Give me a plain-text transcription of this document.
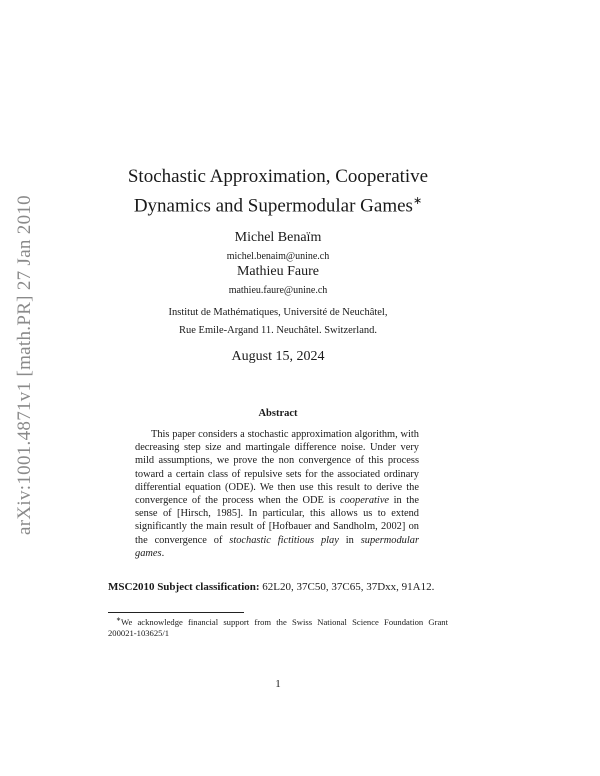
arXiv:1001.4871v1 [math.PR] 27 Jan 2010
Stochastic Approximation, Cooperative
Dynamics and Supermodular Games∗
Michel Benaïm
michel.benaim@unine.ch
Mathieu Faure
mathieu.faure@unine.ch
Institut de Mathématiques, Université de Neuchâtel,
Rue Emile-Argand 11. Neuchâtel. Switzerland.
August 15, 2024
Abstract
This paper considers a stochastic approximation algorithm, with decreasing step size and martingale difference noise. Under very mild assumptions, we prove the non convergence of this process toward a certain class of repulsive sets for the associated ordinary differential equation (ODE). We then use this result to derive the convergence of the process when the ODE is cooperative in the sense of [Hirsch, 1985]. In particular, this allows us to extend significantly the main result of [Hofbauer and Sandholm, 2002] on the convergence of stochastic fictitious play in supermodular games.
MSC2010 Subject classification: 62L20, 37C50, 37C65, 37Dxx, 91A12.
∗We acknowledge financial support from the Swiss National Science Foundation Grant 200021-103625/1
1
